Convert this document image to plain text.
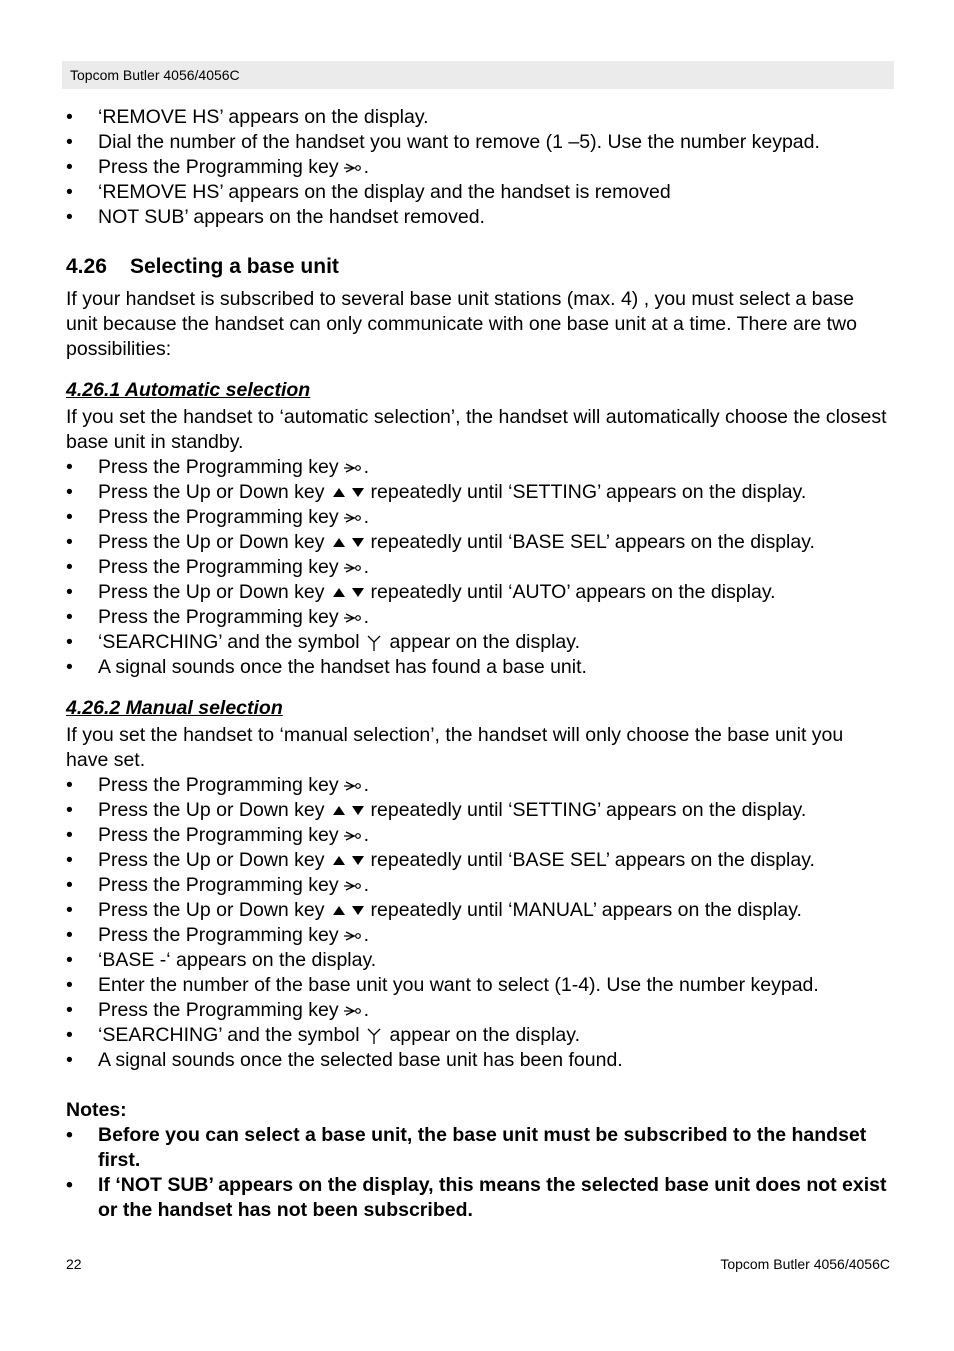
Topcom Butler 4056/4056C
• ‘REMOVE HS’ appears on the display.
• Dial the number of the handset you want to remove (1 –5). Use the number keypad.
• Press the Programming key .
• ‘REMOVE HS’ appears on the display and the handset is removed
• NOT SUB’ appears on the handset removed.
4.26 Selecting a base unit

If your handset is subscribed to several base unit stations (max. 4) , you must select a base unit because the handset can only communicate with one base unit at a time. There are two possibilities:

4.26.1 Automatic selection

If you set the handset to ‘automatic selection’, the handset will automatically choose the closest base unit in standby.

• Press the Programming key .
• Press the Up or Down key repeatedly until ‘SETTING’ appears on the display.
• Press the Programming key .
• Press the Up or Down key repeatedly until ‘BASE SEL’ appears on the display.
• Press the Programming key .
• Press the Up or Down key repeatedly until ‘AUTO’ appears on the display.
• Press the Programming key .
• ‘SEARCHING’ and the symbol appear on the display.
• A signal sounds once the handset has found a base unit.
4.26.2 Manual selection

If you set the handset to ‘manual selection’, the handset will only choose the base unit you have set.

• Press the Programming key .
• Press the Up or Down key repeatedly until ‘SETTING’ appears on the display.
• Press the Programming key .
• Press the Up or Down key repeatedly until ‘BASE SEL’ appears on the display.
• Press the Programming key .
• Press the Up or Down key repeatedly until ‘MANUAL’ appears on the display.
• Press the Programming key .
• ‘BASE -‘ appears on the display.
• Enter the number of the base unit you want to select (1-4). Use the number keypad.
• Press the Programming key .
• ‘SEARCHING’ and the symbol appear on the display.
• A signal sounds once the selected base unit has been found.

Notes:

• Before you can select a base unit, the base unit must be subscribed to the handset first.
• If ‘NOT SUB’ appears on the display, this means the selected base unit does not exist or the handset has not been subscribed.
22	Topcom Butler 4056/4056C
